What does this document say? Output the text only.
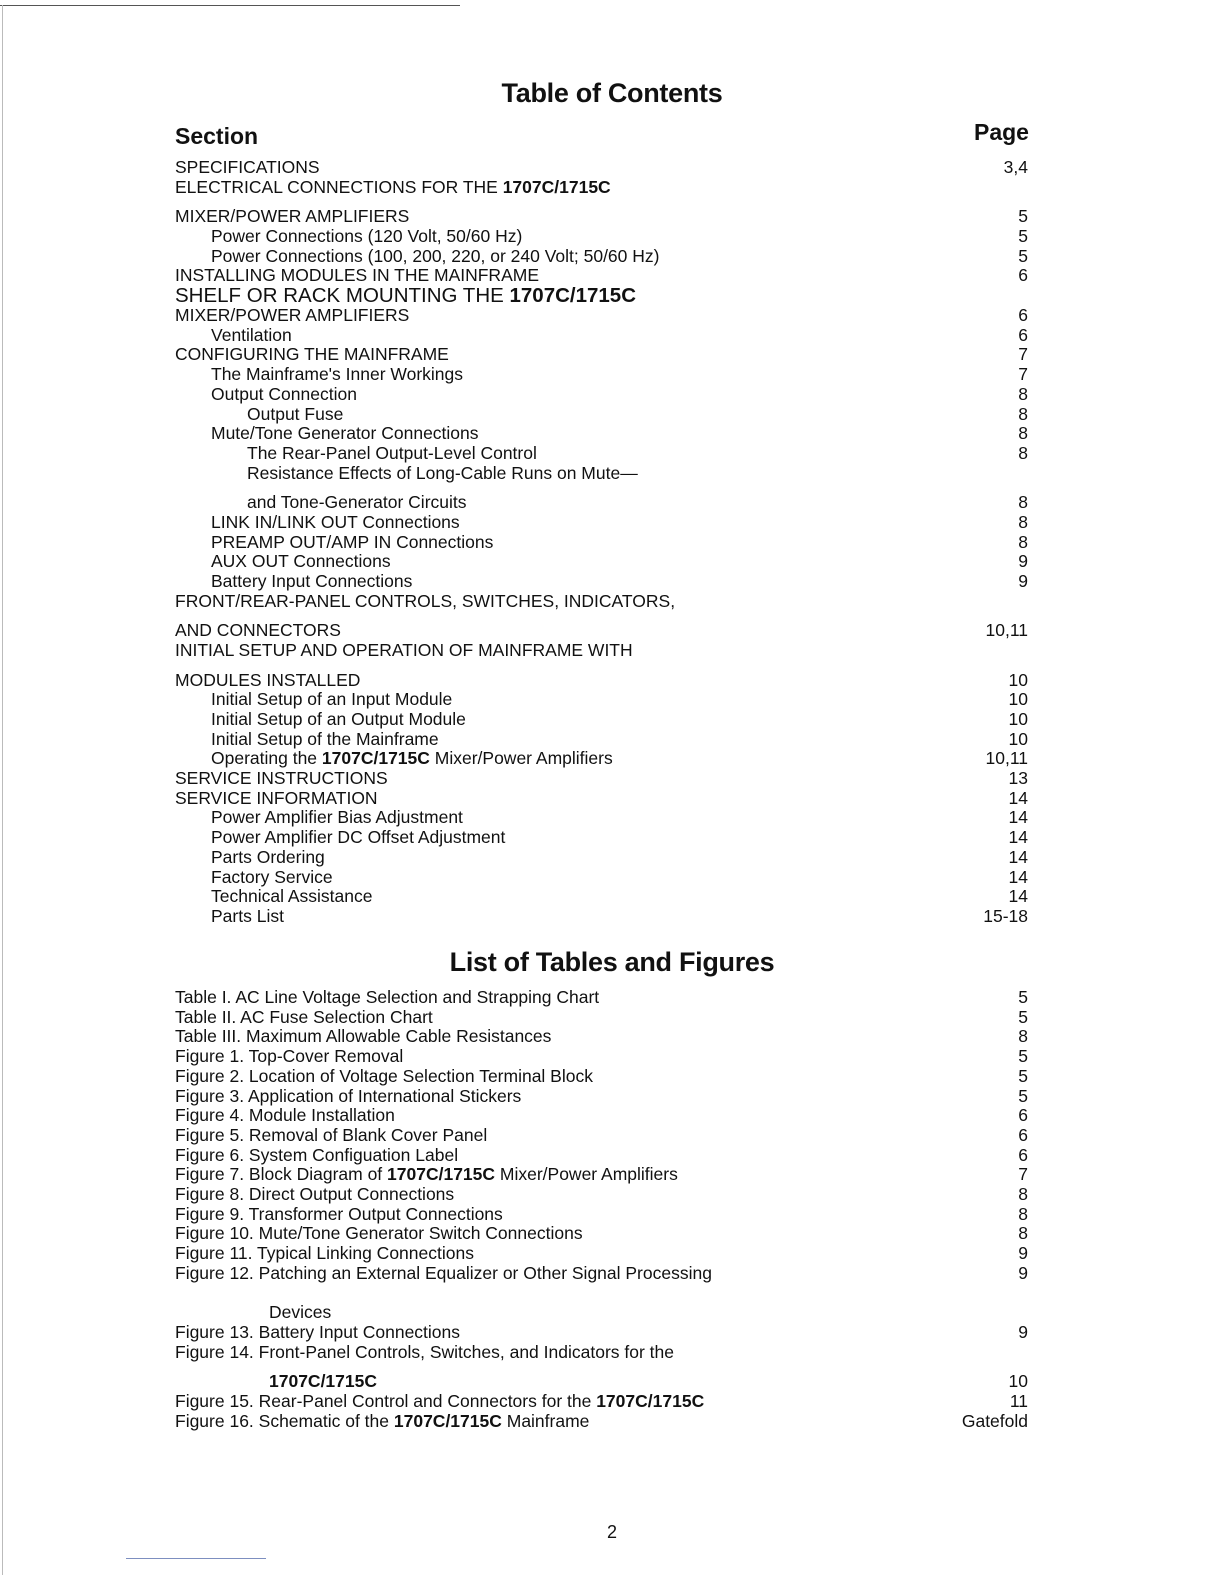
Table of Contents
Section	Page
SPECIFICATIONS	3,4
ELECTRICAL CONNECTIONS FOR THE 1707C/1715C
MIXER/POWER AMPLIFIERS	5
Power Connections (120 Volt, 50/60 Hz)	5
Power Connections (100, 200, 220, or 240 Volt; 50/60 Hz)	5
INSTALLING MODULES IN THE MAINFRAME	6
SHELF OR RACK MOUNTING THE 1707C/1715C
MIXER/POWER AMPLIFIERS	6
Ventilation	6
CONFIGURING THE MAINFRAME	7
The Mainframe's Inner Workings	7
Output Connection	8
Output Fuse	8
Mute/Tone Generator Connections	8
The Rear-Panel Output-Level Control	8
Resistance Effects of Long-Cable Runs on Mute—
and Tone-Generator Circuits	8
LINK IN/LINK OUT Connections	8
PREAMP OUT/AMP IN Connections	8
AUX OUT Connections	9
Battery Input Connections	9
FRONT/REAR-PANEL CONTROLS, SWITCHES, INDICATORS,
AND CONNECTORS	10,11
INITIAL SETUP AND OPERATION OF MAINFRAME WITH
MODULES INSTALLED	10
Initial Setup of an Input Module	10
Initial Setup of an Output Module	10
Initial Setup of the Mainframe	10
Operating the 1707C/1715C Mixer/Power Amplifiers	10,11
SERVICE INSTRUCTIONS	13
SERVICE INFORMATION	14
Power Amplifier Bias Adjustment	14
Power Amplifier DC Offset Adjustment	14
Parts Ordering	14
Factory Service	14
Technical Assistance	14
Parts List	15-18
List of Tables and Figures
Table I. AC Line Voltage Selection and Strapping Chart	5
Table II. AC Fuse Selection Chart	5
Table III. Maximum Allowable Cable Resistances	8
Figure 1. Top-Cover Removal	5
Figure 2. Location of Voltage Selection Terminal Block	5
Figure 3. Application of International Stickers	5
Figure 4. Module Installation	6
Figure 5. Removal of Blank Cover Panel	6
Figure 6. System Configuation Label	6
Figure 7. Block Diagram of 1707C/1715C Mixer/Power Amplifiers	7
Figure 8. Direct Output Connections	8
Figure 9. Transformer Output Connections	8
Figure 10. Mute/Tone Generator Switch Connections	8
Figure 11. Typical Linking Connections	9
Figure 12. Patching an External Equalizer or Other Signal Processing	9
Devices
Figure 13. Battery Input Connections	9
Figure 14. Front-Panel Controls, Switches, and Indicators for the
1707C/1715C	10
Figure 15. Rear-Panel Control and Connectors for the 1707C/1715C	11
Figure 16. Schematic of the 1707C/1715C Mainframe	Gatefold
2
